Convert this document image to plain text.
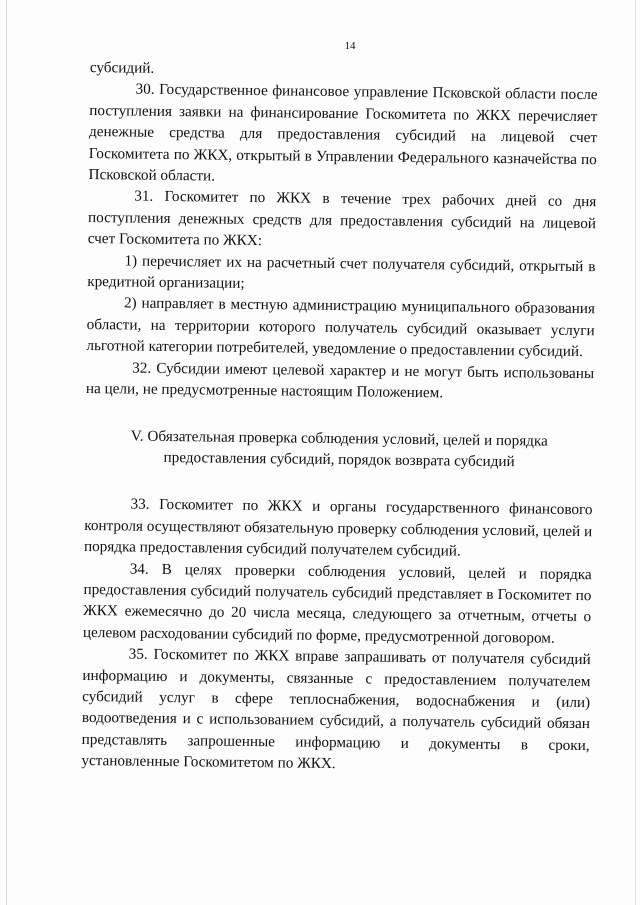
14

субсидий.

30. Государственное финансовое управление Псковской области после поступления заявки на финансирование Госкомитета по ЖКХ перечисляет денежные средства для предоставления субсидий на лицевой счет Госкомитета по ЖКХ, открытый в Управлении Федерального казначейства по Псковской области.

31. Госкомитет по ЖКХ в течение трех рабочих дней со дня поступления денежных средств для предоставления субсидий на лицевой счет Госкомитета по ЖКХ:

1) перечисляет их на расчетный счет получателя субсидий, открытый в кредитной организации;

2) направляет в местную администрацию муниципального образования области, на территории которого получатель субсидий оказывает услуги льготной категории потребителей, уведомление о предоставлении субсидий.

32. Субсидии имеют целевой характер и не могут быть использованы на цели, не предусмотренные настоящим Положением.

V. Обязательная проверка соблюдения условий, целей и порядка
предоставления субсидий, порядок возврата субсидий

33. Госкомитет по ЖКХ и органы государственного финансового контроля осуществляют обязательную проверку соблюдения условий, целей и порядка предоставления субсидий получателем субсидий.

34. В целях проверки соблюдения условий, целей и порядка предоставления субсидий получатель субсидий представляет в Госкомитет по ЖКХ ежемесячно до 20 числа месяца, следующего за отчетным, отчеты о целевом расходовании субсидий по форме, предусмотренной договором.

35. Госкомитет по ЖКХ вправе запрашивать от получателя субсидий информацию и документы, связанные с предоставлением получателем субсидий услуг в сфере теплоснабжения, водоснабжения и (или) водоотведения и с использованием субсидий, а получатель субсидий обязан представлять запрошенные информацию и документы в сроки, установленные Госкомитетом по ЖКХ.
